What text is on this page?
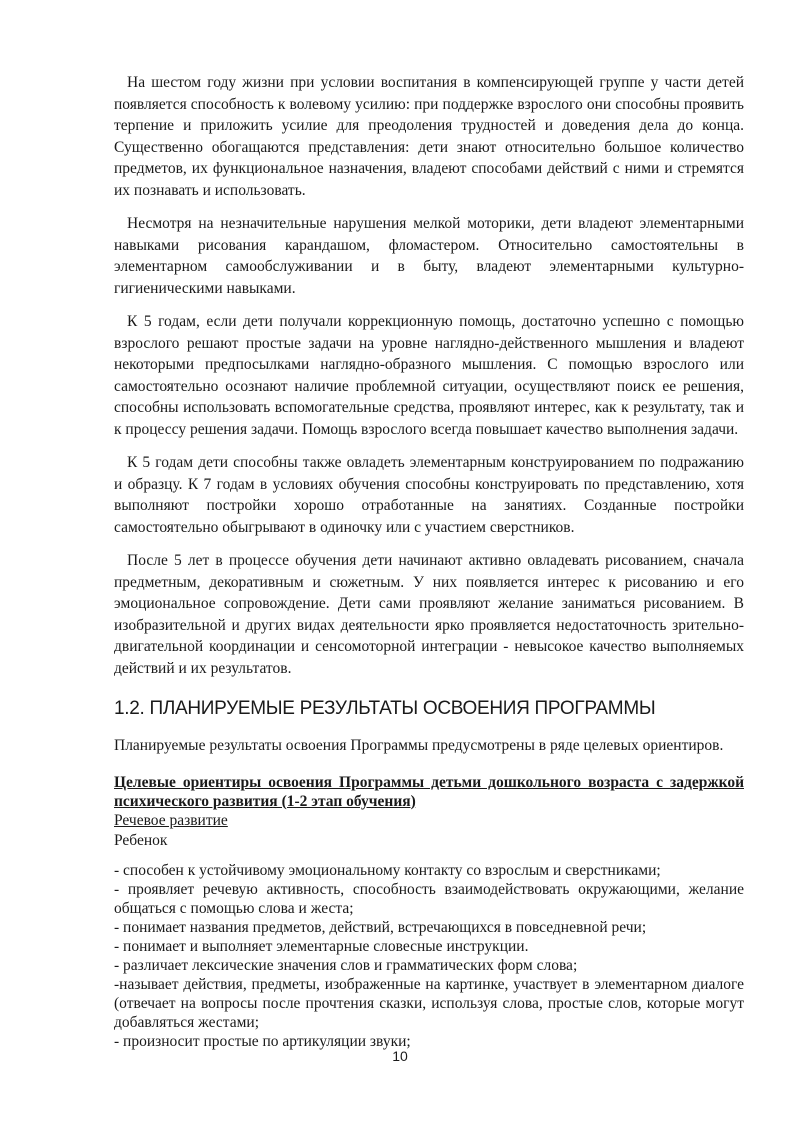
На шестом году жизни при условии воспитания в компенсирующей группе у части детей появляется способность к волевому усилию: при поддержке взрослого они способны проявить терпение и приложить усилие для преодоления трудностей и доведения дела до конца. Существенно обогащаются представления: дети знают относительно большое количество предметов, их функциональное назначения, владеют способами действий с ними и стремятся их познавать и использовать.

Несмотря на незначительные нарушения мелкой моторики, дети владеют элементарными навыками рисования карандашом, фломастером. Относительно самостоятельны в элементарном самообслуживании и в быту, владеют элементарными культурно-гигиеническими навыками.

К 5 годам, если дети получали коррекционную помощь, достаточно успешно с помощью взрослого решают простые задачи на уровне наглядно-действенного мышления и владеют некоторыми предпосылками наглядно-образного мышления. С помощью взрослого или самостоятельно осознают наличие проблемной ситуации, осуществляют поиск ее решения, способны использовать вспомогательные средства, проявляют интерес, как к результату, так и к процессу решения задачи. Помощь взрослого всегда повышает качество выполнения задачи.

К 5 годам дети способны также овладеть элементарным конструированием по подражанию и образцу. К 7 годам в условиях обучения способны конструировать по представлению, хотя выполняют постройки хорошо отработанные на занятиях. Созданные постройки самостоятельно обыгрывают в одиночку или с участием сверстников.

После 5 лет в процессе обучения дети начинают активно овладевать рисованием, сначала предметным, декоративным и сюжетным. У них появляется интерес к рисованию и его эмоциональное сопровождение. Дети сами проявляют желание заниматься рисованием. В изобразительной и других видах деятельности ярко проявляется недостаточность зрительно-двигательной координации и сенсомоторной интеграции - невысокое качество выполняемых действий и их результатов.

1.2. ПЛАНИРУЕМЫЕ РЕЗУЛЬТАТЫ ОСВОЕНИЯ ПРОГРАММЫ

Планируемые результаты освоения Программы предусмотрены в ряде целевых ориентиров.

Целевые ориентиры освоения Программы детьми дошкольного возраста с задержкой психического развития (1-2 этап обучения)

Речевое развитие
Ребенок
- способен к устойчивому эмоциональному контакту со взрослым и сверстниками;
- проявляет речевую активность, способность взаимодействовать окружающими, желание общаться с помощью слова и жеста;
- понимает названия предметов, действий, встречающихся в повседневной речи;
- понимает и выполняет элементарные словесные инструкции.
- различает лексические значения слов и грамматических форм слова;
-называет действия, предметы, изображенные на картинке, участвует в элементарном диалоге (отвечает на вопросы после прочтения сказки, используя слова, простые слов, которые могут добавляться жестами;
- произносит простые по артикуляции звуки;
10
